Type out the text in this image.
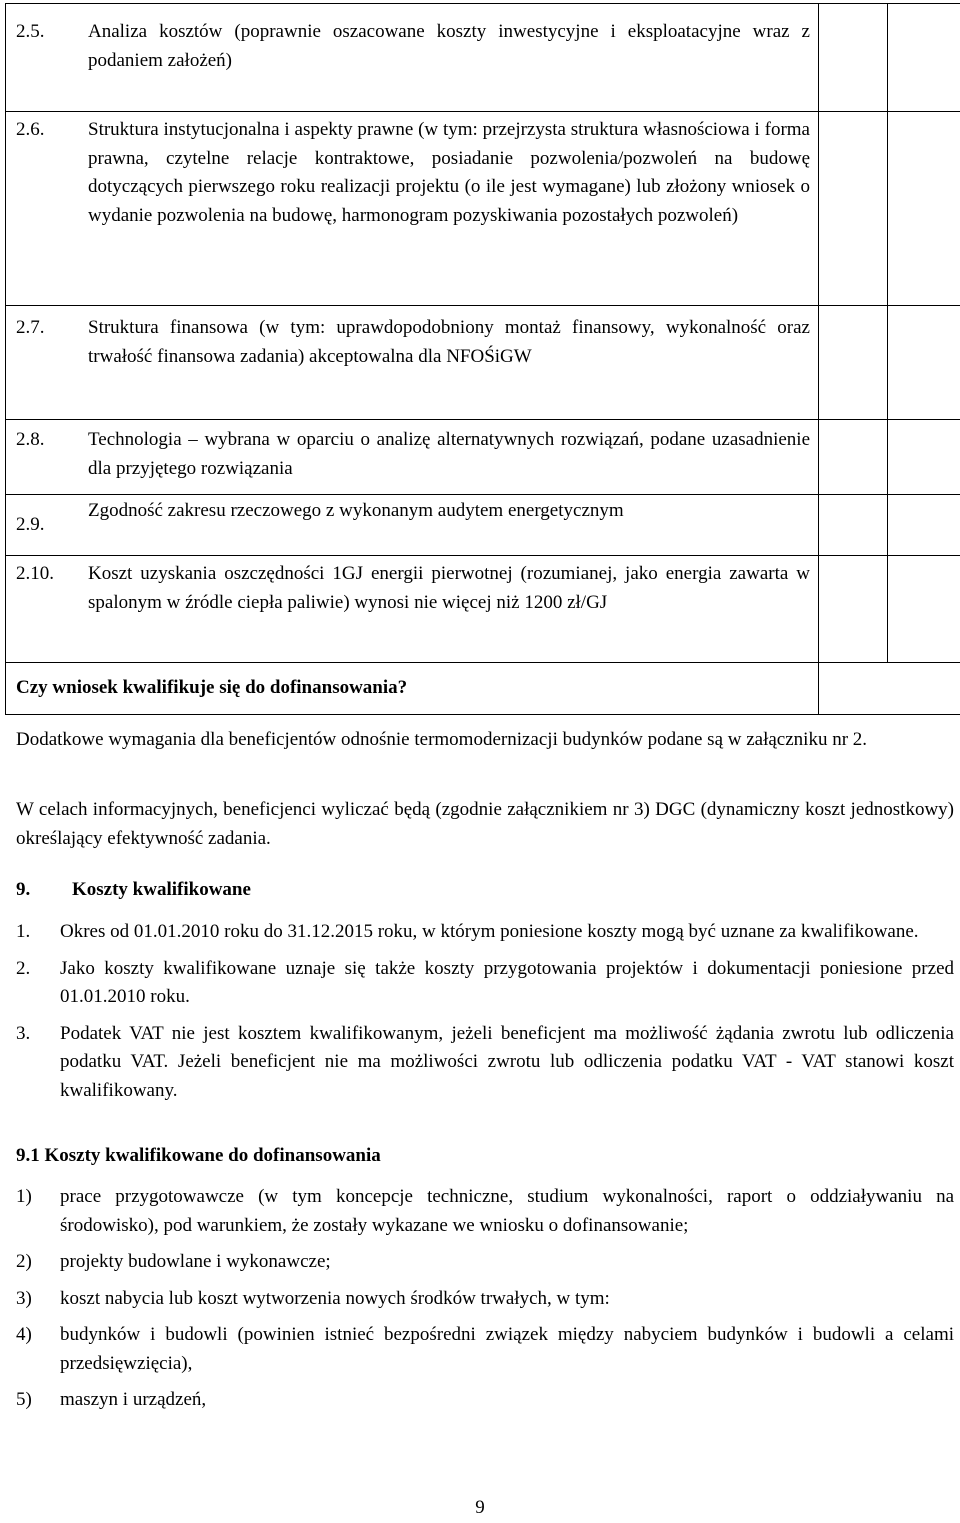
2.5. Analiza kosztów (poprawnie oszacowane koszty inwestycyjne i eksploatacyjne wraz z podaniem założeń)		

2.6. Struktura instytucjonalna i aspekty prawne (w tym: przejrzysta struktura własnościowa i forma prawna, czytelne relacje kontraktowe, posiadanie pozwolenia/pozwoleń na budowę dotyczących pierwszego roku realizacji projektu (o ile jest wymagane) lub złożony wniosek o wydanie pozwolenia na budowę, harmonogram pozyskiwania pozostałych pozwoleń)		

2.7. Struktura finansowa (w tym: uprawdopodobniony montaż finansowy, wykonalność oraz trwałość finansowa zadania) akceptowalna dla NFOŚiGW		

2.8. Technologia – wybrana w oparciu o analizę alternatywnych rozwiązań, podane uzasadnienie dla przyjętego rozwiązania		

2.9.
Zgodność zakresu rzeczowego z wykonanym audytem energetycznym		

2.10. Koszt uzyskania oszczędności 1GJ energii pierwotnej (rozumianej, jako energia zawarta w spalonym w źródle ciepła paliwie) wynosi nie więcej niż 1200 zł/GJ		

Czy wniosek kwalifikuje się do dofinansowania?		

Dodatkowe wymagania dla beneficjentów odnośnie termomodernizacji budynków podane są w załączniku nr 2.

W celach informacyjnych, beneficjenci wyliczać będą (zgodnie załącznikiem nr 3) DGC (dynamiczny koszt jednostkowy) określający efektywność zadania.

9. Koszty kwalifikowane

1.	Okres od 01.01.2010 roku do 31.12.2015 roku, w którym poniesione koszty mogą być uznane za kwalifikowane.
2.	Jako koszty kwalifikowane uznaje się także koszty przygotowania projektów i dokumentacji poniesione przed 01.01.2010 roku.
3.	Podatek VAT nie jest kosztem kwalifikowanym, jeżeli beneficjent ma możliwość żądania zwrotu lub odliczenia podatku VAT. Jeżeli beneficjent nie ma możliwości zwrotu lub odliczenia podatku VAT - VAT stanowi koszt kwalifikowany.

9.1 Koszty kwalifikowane do dofinansowania

1)	prace przygotowawcze (w tym koncepcje techniczne, studium wykonalności, raport o oddziaływaniu na środowisko), pod warunkiem, że zostały wykazane we wniosku o dofinansowanie;
2)	projekty budowlane i wykonawcze;
3)	koszt nabycia lub koszt wytworzenia nowych środków trwałych, w tym:
4)	budynków i budowli (powinien istnieć bezpośredni związek między nabyciem budynków i budowli a celami przedsięwzięcia),
5)	maszyn i urządzeń,
9
